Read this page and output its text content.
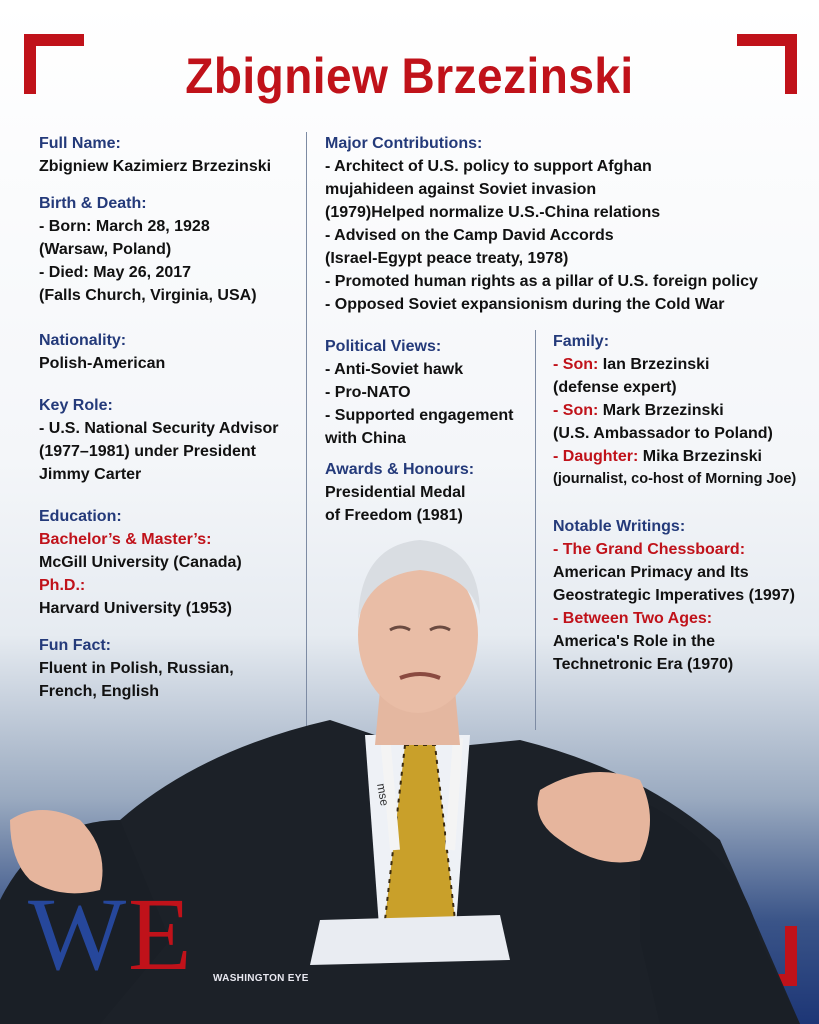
Zbigniew Brzezinski
Full Name:
Zbigniew Kazimierz Brzezinski
Birth & Death:
- Born: March 28, 1928
(Warsaw, Poland)
- Died: May 26, 2017
(Falls Church, Virginia, USA)
Nationality:
Polish-American
Key Role:
- U.S. National Security Advisor
(1977–1981) under President
Jimmy Carter
Education:
Bachelor’s & Master’s:
McGill University (Canada)
Ph.D.:
Harvard University (1953)
Fun Fact:
Fluent in Polish, Russian,
French, English
Major Contributions:
- Architect of U.S. policy to support Afghan
mujahideen against Soviet invasion
(1979)Helped normalize U.S.-China relations
- Advised on the Camp David Accords
(Israel-Egypt peace treaty, 1978)
- Promoted human rights as a pillar of U.S. foreign policy
- Opposed Soviet expansionism during the Cold War
Political Views:
- Anti-Soviet hawk
- Pro-NATO
- Supported engagement
with China
Awards & Honours:
Presidential Medal
of Freedom (1981)
Family:
- Son: Ian Brzezinski
(defense expert)
- Son: Mark Brzezinski
(U.S. Ambassador to Poland)
- Daughter: Mika Brzezinski
(journalist, co-host of Morning Joe)
Notable Writings:
- The Grand Chessboard:
American Primacy and Its
Geostrategic Imperatives (1997)
- Between Two Ages:
America's Role in the
Technetronic Era (1970)
mse
W E WASHINGTON EYE
